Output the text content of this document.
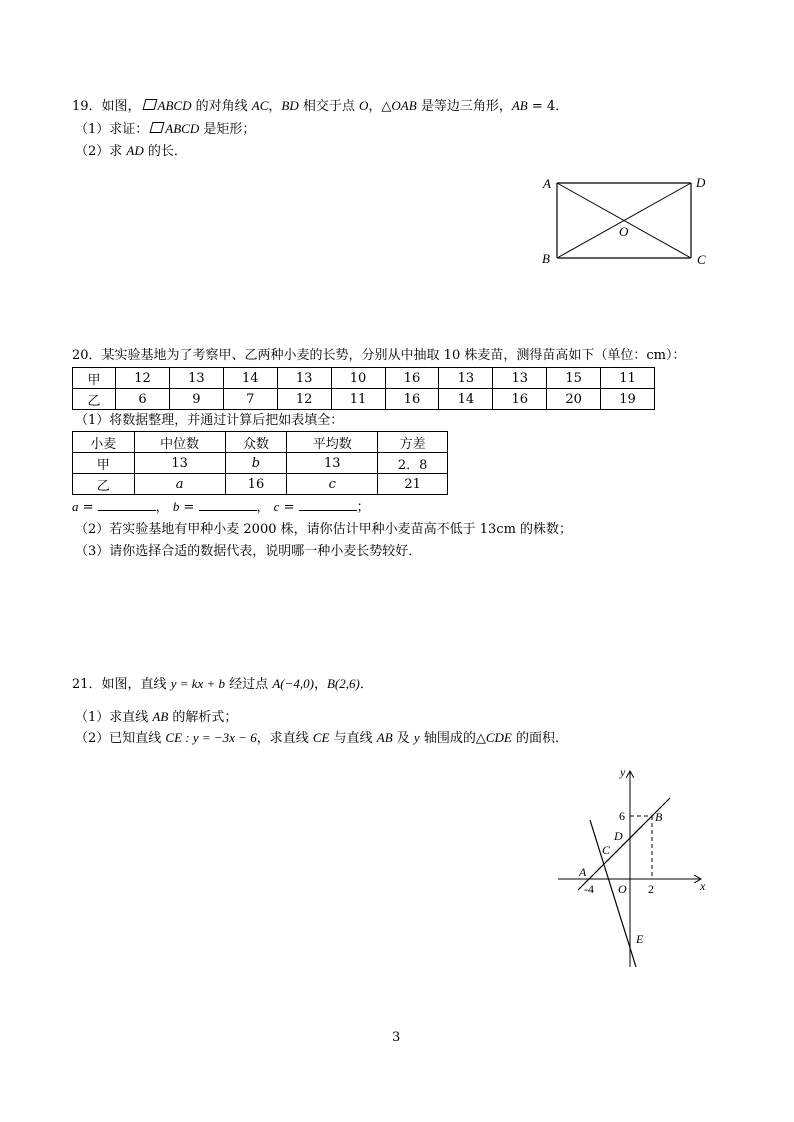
19．如图， ABCD 的对角线 AC，BD 相交于点 O，△OAB 是等边三角形，AB = 4．
（1）求证： ABCD 是矩形；
（2）求 AD 的长．
A	D
B	C
O
20．某实验基地为了考察甲、乙两种小麦的长势，分别从中抽取 10 株麦苗，测得苗高如下（单位：cm）：
甲	12	13	14	13	10	16	13	13	15	11
乙	6	9	7	12	11	16	14	16	20	19
（1）将数据整理，并通过计算后把如表填全：
小麦	中位数	众数	平均数	方差
甲	13	b	13	2．8
乙	a	16	c	21
a =	， b =	， c =	；
（2）若实验基地有甲种小麦 2000 株，请你估计甲种小麦苗高不低于 13cm 的株数；
（3）请你选择合适的数据代表，说明哪一种小麦长势较好．
21．如图，直线 y = kx + b 经过点 A(−4,0)，B(2,6)．
（1）求直线 AB 的解析式；
（2）已知直线 CE : y = −3x − 6，求直线 CE 与直线 AB 及 y 轴围成的△CDE 的面积．
x
y
-4	2
6
O
A
B
C
D
E
3
